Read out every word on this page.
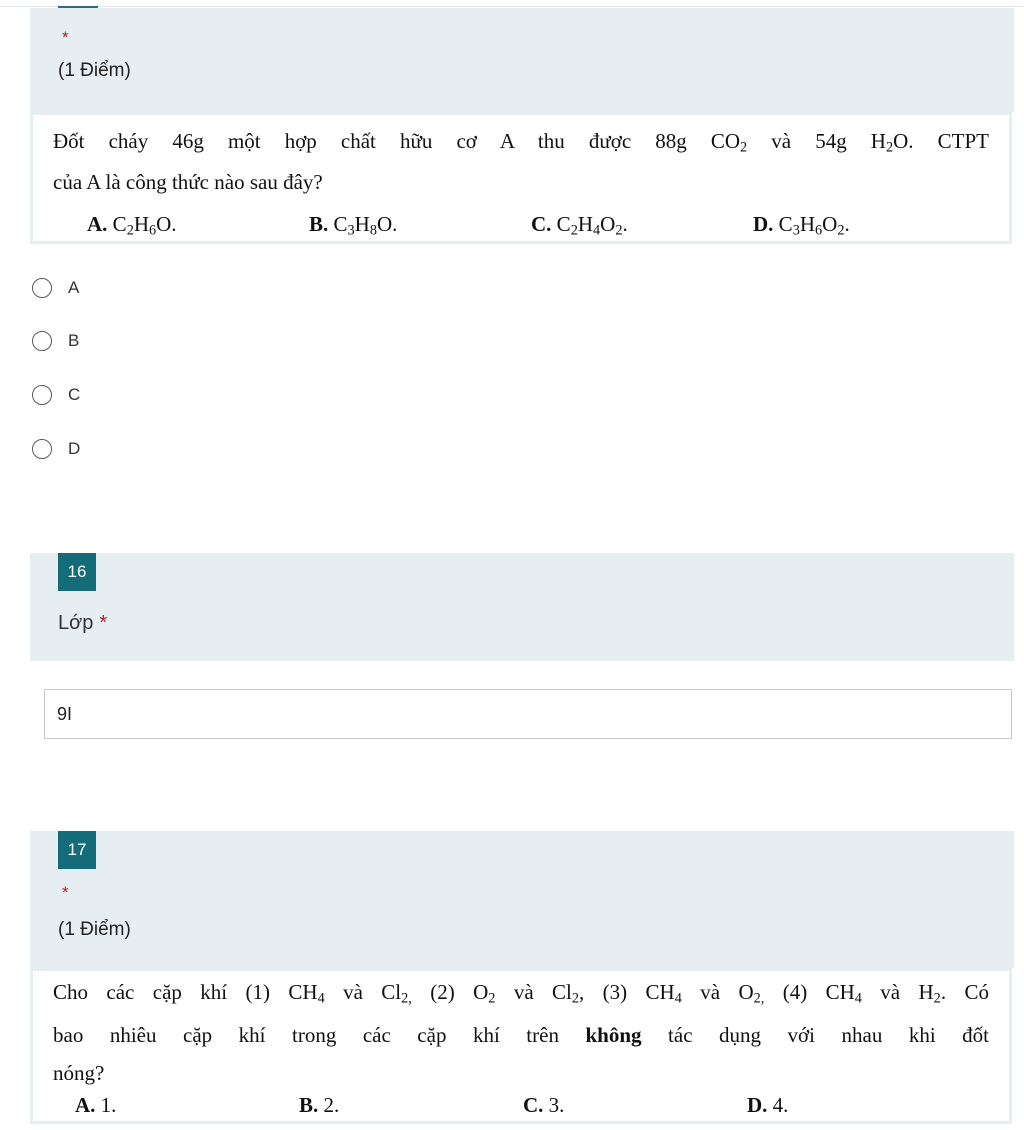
*
(1 Điểm)

Đốt cháy 46g một hợp chất hữu cơ A thu được 88g $CO_2$ và 54g $H_2O$. CTPT

của A là công thức nào sau đây?

A. $C_2H_6O$.	B. $C_3H_8O$.	C. $C_2H_4O_2$.	D. $C_3H_6O_2$.
A
B
C
D
16
Lớp *
9I
*
(1 Điểm)
17

Cho các cặp khí (1) $CH_4$ và $Cl_{2,}$ (2) $O_2$ và $Cl_2$, (3) $CH_4$ và $O_{2,}$ (4) $CH_4$ và $H_2$. Có

bao nhiêu cặp khí trong các cặp khí trên không tác dụng với nhau khi đốt

nóng?

A. 1.	B. 2.	C. 3.	D. 4.
